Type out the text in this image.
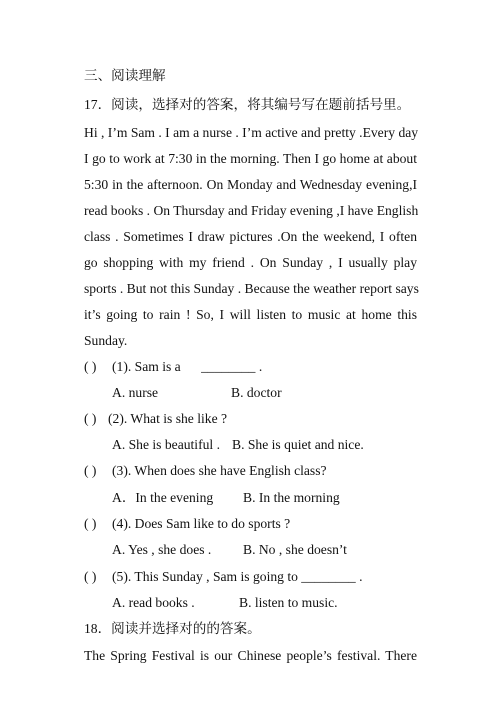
三、阅读理解
17．阅读，选择对的答案，将其编号写在题前括号里。
Hi , I’m Sam . I am a nurse . I’m active and pretty .Every day
I go to work at 7:30 in the morning. Then I go home at about
5:30 in the afternoon. On Monday and Wednesday evening,I
read books . On Thursday and Friday evening ,I have English
class . Sometimes I draw pictures .On the weekend, I often
go shopping with my friend . On Sunday , I usually play
sports . But not this Sunday . Because the weather report says
it’s going to rain ! So, I will listen to music at home this
Sunday.
( ) (1). Sam is a      ________ .
A. nurse	B. doctor
( ) (2). What is she like ?
A. She is beautiful . B. She is quiet and nice.
( ) (3). When does she have English class?
A．In the evening B. In the morning
( ) (4). Does Sam like to do sports ?
A. Yes , she does . B. No , she doesn’t
( ) (5). This Sunday , Sam is going to ________ .
A. read books .	B. listen to music.
18．阅读并选择对的的答案。
The Spring Festival is our Chinese people’s festival. There
